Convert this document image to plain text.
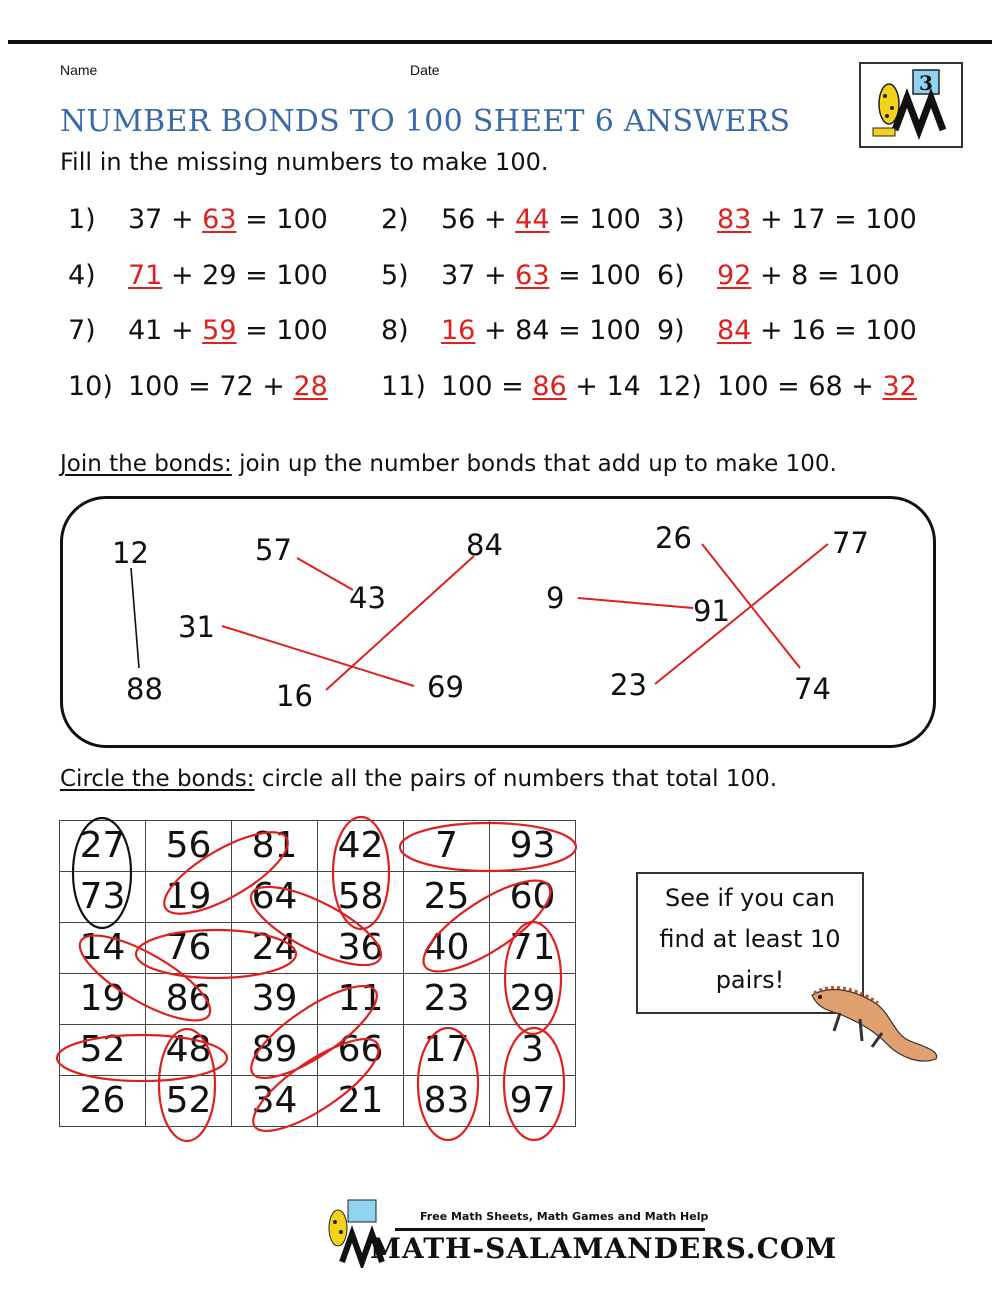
Name	Date
3
NUMBER BONDS TO 100 SHEET 6 ANSWERS
Fill in the missing numbers to make 100.
1) 37 + 63 = 100 2) 56 + 44 = 100 3) 83 + 17 = 100
4) 71 + 29 = 100 5) 37 + 63 = 100 6) 92 + 8 = 100
7) 41 + 59 = 100 8) 16 + 84 = 100 9) 84 + 16 = 100
10) 100 = 72 + 28 11) 100 = 86 + 14 12) 100 = 68 + 32
Join the bonds: join up the number bonds that add up to make 100.
12
88
57
43
31
69
84
16
9	91
26
74
77
23
Circle the bonds: circle all the pairs of numbers that total 100.
27	56	81	42	7	93
73	19	64	58	25	60
14	76	24	36	40	71
19	86	39	11	23	29
52	48	89	66	17	3
26	52	34	21	83	97
See if you can
find at least 10
pairs!
Free Math Sheets, Math Games and Math Help
MATH-SALAMANDERS.COM
